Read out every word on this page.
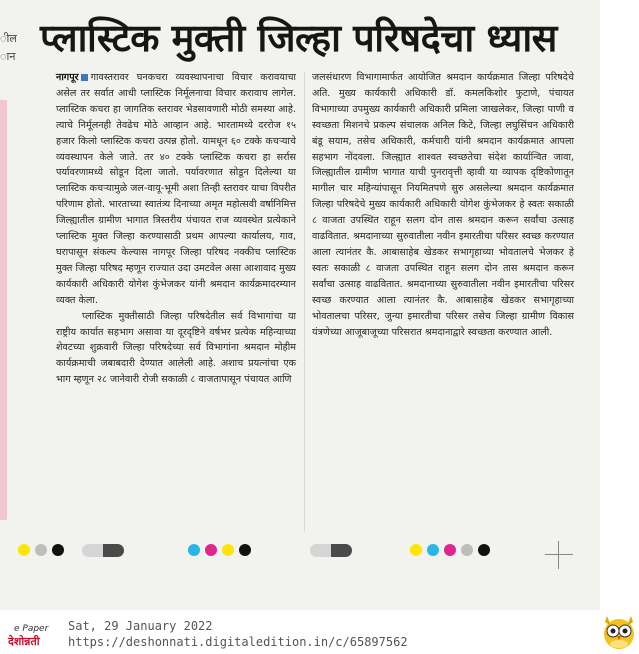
ील
ान प्लास्टिक मुक्ती जिल्हा परिषदेचा ध्यास

नागपूर गावस्तरावर घनकचरा व्यवस्थापनाचा विचार करावयाचा असेल तर सर्वात आधी प्लास्टिक निर्मूलनाचा विचार करावाच लागेल. प्लास्टिक कचरा हा जागतिक स्तरावर भेडसावणारी मोठी समस्या आहे. त्याचे निर्मूलनही तेवढेच मोठे आव्हान आहे. भारतामध्ये दररोज १५ हजार किलो प्लास्टिक कचरा उत्पन्न होतो. यामधून ६० टक्के कचऱ्याचे व्यवस्थापन केले जाते. तर ४० टक्के प्लास्टिक कचरा हा सर्रास पर्यावरणामध्ये सोडून दिला जातो. पर्यावरणात सोडून दिलेल्या या प्लास्टिक कचऱ्यामुळे जल-वायू-भूमी अशा तिन्ही स्तरावर याचा विपरीत परिणाम होतो. भारताच्या स्वातंत्र्य दिनाच्या अमृत महोत्सवी वर्षानिमित्त जिल्ह्यातील ग्रामीण भागात त्रिस्तरीय पंचायत राज व्यवस्थेत प्रत्येकाने प्लास्टिक मुक्त जिल्हा करण्यासाठी प्रथम आपल्या कार्यालय, गाव, घरापासून संकल्प केल्यास नागपूर जिल्हा परिषद नक्कीच प्लास्टिक मुक्त जिल्हा परिषद म्हणून राज्यात उदा उमटवेल असा आशावाद मुख्य कार्यकारी अधिकारी योगेश कुंभेजकर यांनी श्रमदान कार्यक्रमादरम्यान व्यक्त केला.

प्लास्टिक मुक्तीसाठी जिल्हा परिषदेतील सर्व विभागांचा या राष्ट्रीय कार्यात सहभाग असावा या दूरदृष्टिने वर्षभर प्रत्येक महिन्याच्या शेवटच्या शुक्रवारी जिल्हा परिषदेच्या सर्व विभागांना श्रमदान मोहीम कार्यक्रमाची जबाबदारी देण्यात आलेली आहे. अशाच प्रयत्नांचा एक भाग म्हणून २८ जानेवारी रोजी सकाळी ८ वाजतापासून पंचायत आणि

जलसंधारण विभागामार्फत आयोजित श्रमदान कार्यक्रमात जिल्हा परिषदेचे अति. मुख्य कार्यकारी अधिकारी डॉ. कमलकिशोर फुटाणे, पंचायत विभागाच्या उपमुख्य कार्यकारी अधिकारी प्रमिला जाखलेकर, जिल्हा पाणी व स्वच्छता मिशनचे प्रकल्प संचालक अनिल किटे, जिल्हा लघुसिंचन अधिकारी बंडू सयाम, तसेच अधिकारी, कर्मचारी यांनी श्रमदान कार्यक्रमात आपला सहभाग नोंदवला. जिल्ह्यात शाश्वत स्वच्छतेचा संदेश कार्यान्वित जावा, जिल्ह्यातील ग्रामीण भागात याची पुनरावृत्ती व्हावी या व्यापक दृष्टिकोणातून मागील चार महिन्यांपासून नियमितपणे सुरु असलेल्या श्रमदान कार्यक्रमात जिल्हा परिषदेचे मुख्य कार्यकारी अधिकारी योगेश कुंभेजकर हे स्वतः सकाळी ८ वाजता उपस्थित राहून सलग दोन तास श्रमदान करून सर्वांचा उत्साह वाढवितात. श्रमदानाच्या सुरुवातीला नवीन इमारतीचा परिसर स्वच्छ करण्यात आला त्यानंतर कै. आबासाहेब खेडकर सभागृहाच्या भोवतालचे भेजकर हे स्वतः सकाळी ८ वाजता उपस्थित राहून सलग दोन तास श्रमदान करून सर्वांचा उत्साह वाढवितात. श्रमदानाच्या सुरुवातीला नवीन इमारतीचा परिसर स्वच्छ करण्यात आला त्यानंतर कै. आबासाहेब खेडकर सभागृहाच्या भोवतालचा परिसर, जुन्या इमारतीचा परिसर तसेच जिल्हा ग्रामीण विकास यंत्रणेच्या आजूबाजूच्या परिसरात श्रमदानाद्वारे स्वच्छता करण्यात आली.

e Paper
देशोन्नती
Sat, 29 January 2022
https://deshonnati.digitaledition.in/c/65897562
